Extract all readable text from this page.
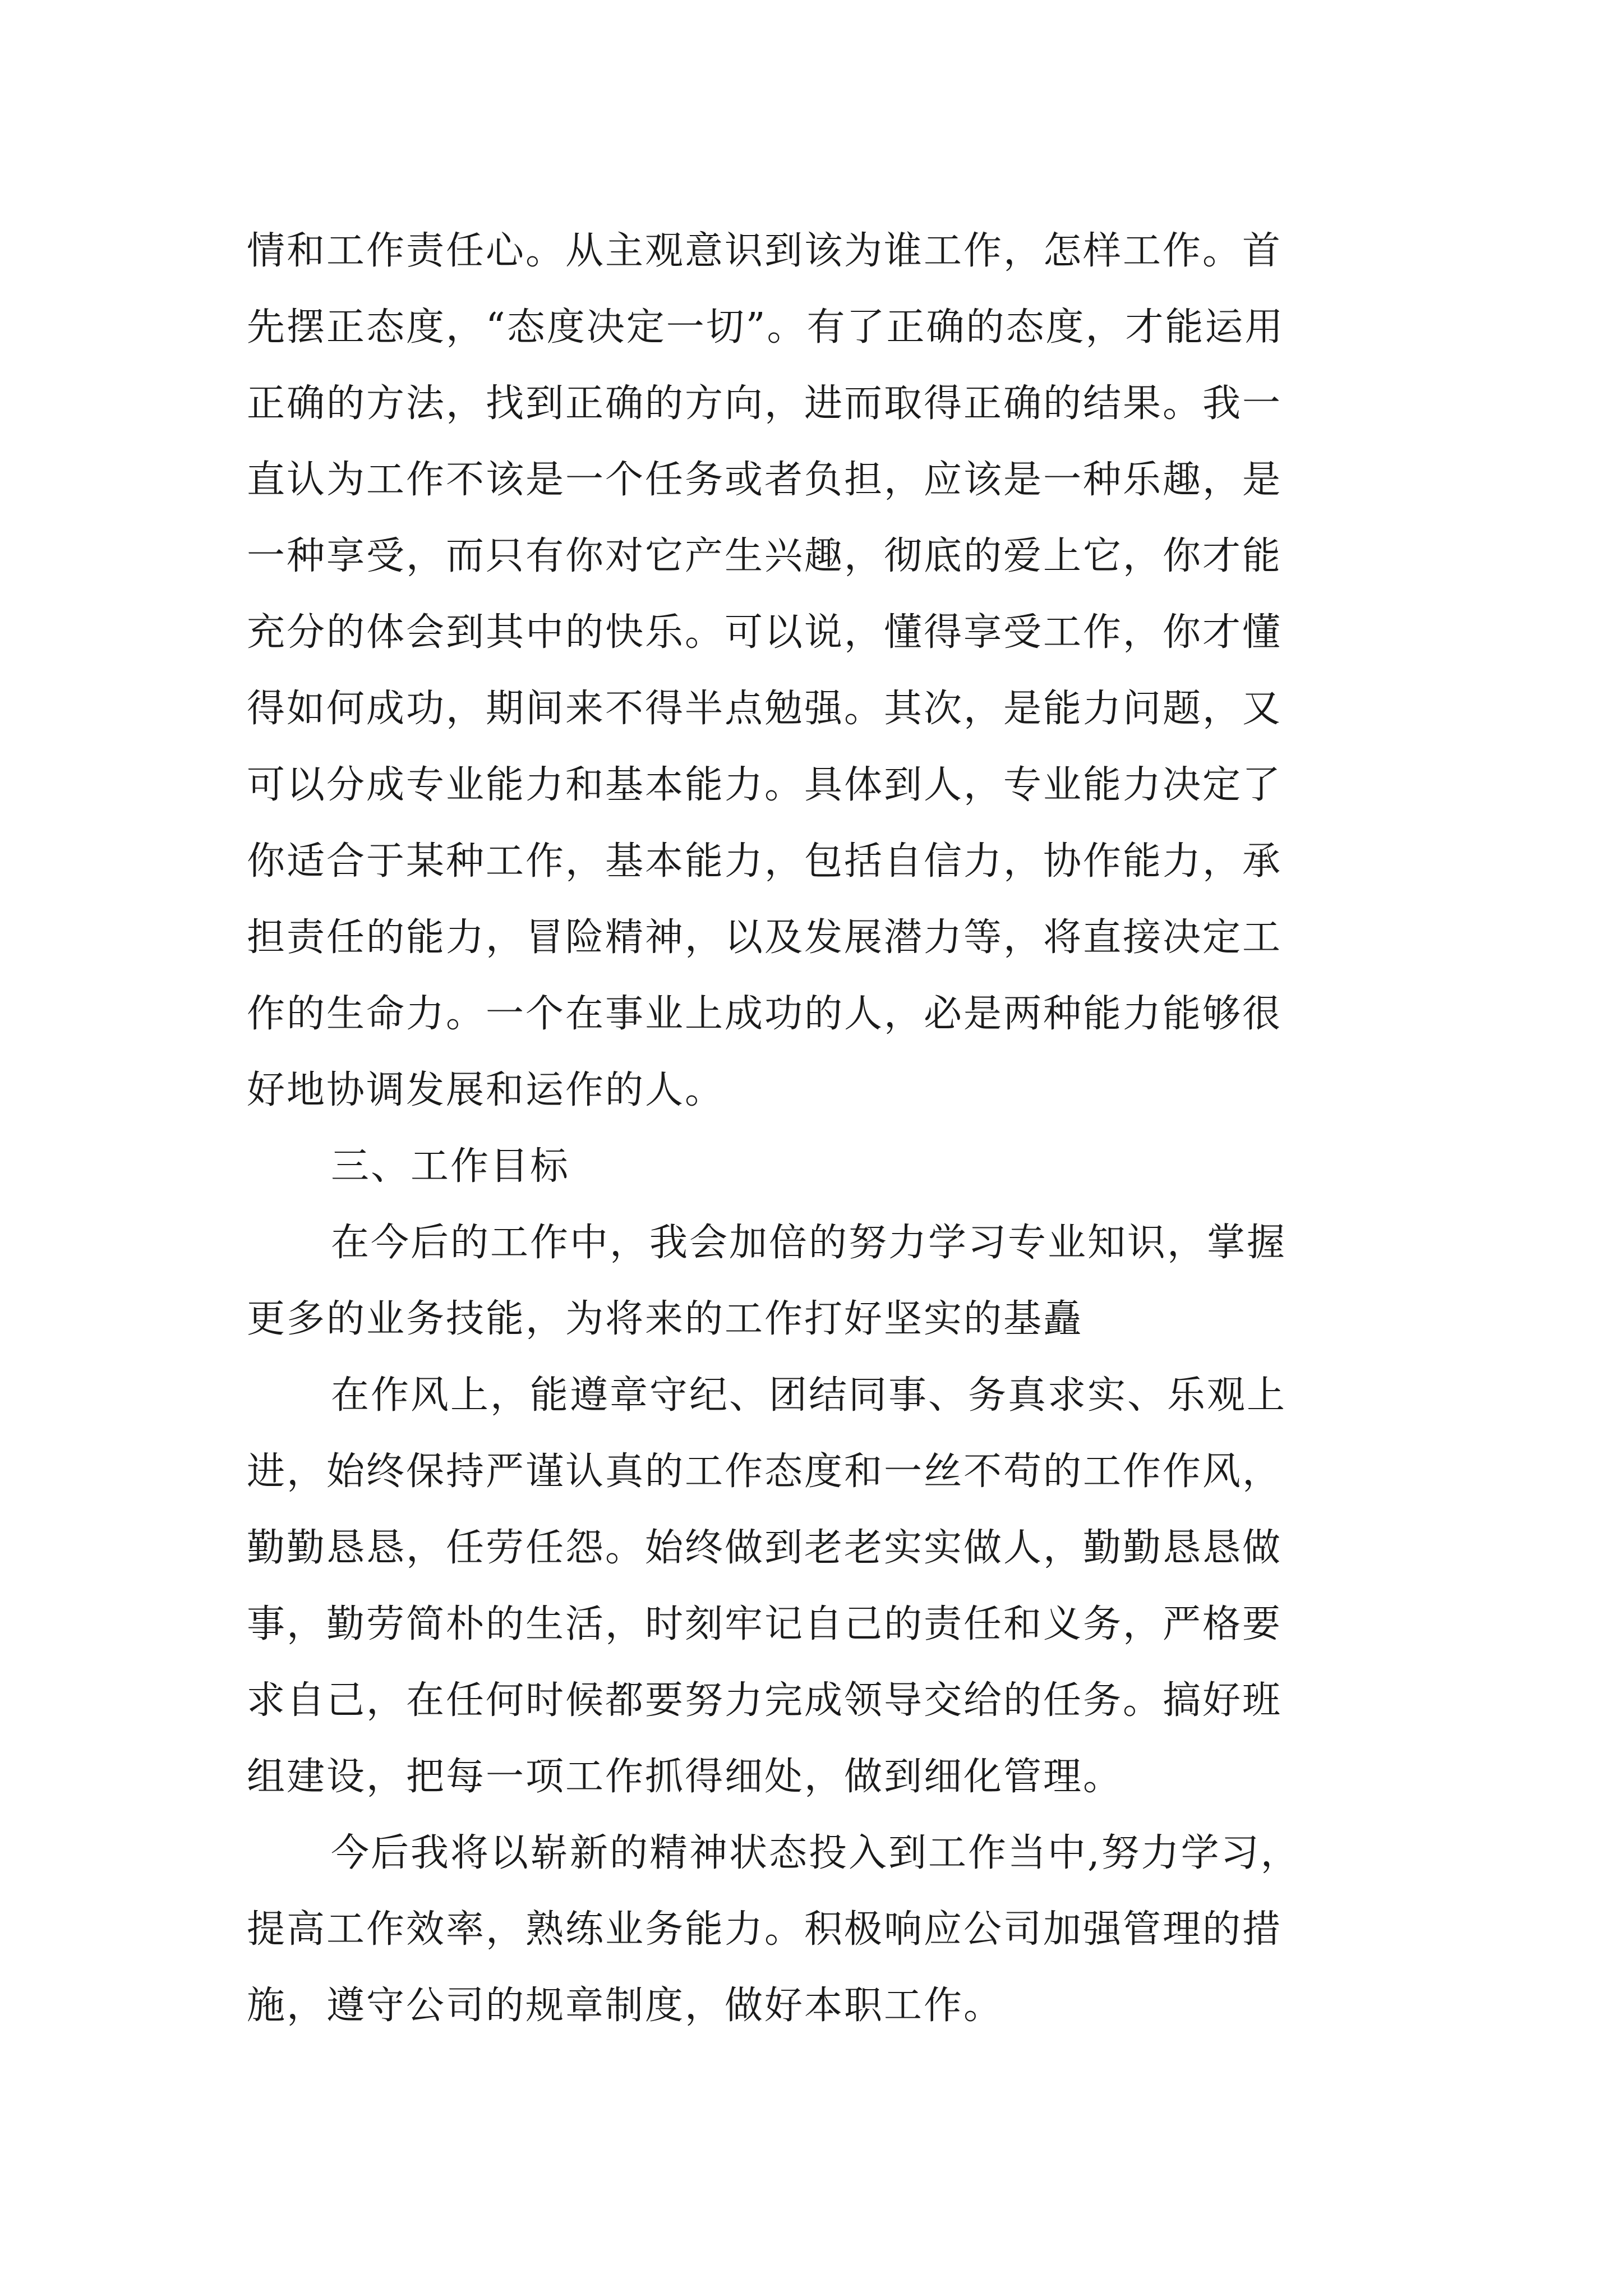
情和工作责任心。从主观意识到该为谁工作，怎样工作。首
先摆正态度，“态度决定一切”。有了正确的态度，才能运用
正确的方法，找到正确的方向，进而取得正确的结果。我一
直认为工作不该是一个任务或者负担，应该是一种乐趣，是
一种享受，而只有你对它产生兴趣，彻底的爱上它，你才能
充分的体会到其中的快乐。可以说，懂得享受工作，你才懂
得如何成功，期间来不得半点勉强。其次，是能力问题，又
可以分成专业能力和基本能力。具体到人，专业能力决定了
你适合于某种工作，基本能力，包括自信力，协作能力，承
担责任的能力，冒险精神，以及发展潜力等，将直接决定工
作的生命力。一个在事业上成功的人，必是两种能力能够很
好地协调发展和运作的人。
三、工作目标
在今后的工作中，我会加倍的努力学习专业知识，掌握
更多的业务技能，为将来的工作打好坚实的基矗
在作风上，能遵章守纪、团结同事、务真求实、乐观上
进，始终保持严谨认真的工作态度和一丝不苟的工作作风，
勤勤恳恳，任劳任怨。始终做到老老实实做人，勤勤恳恳做
事，勤劳简朴的生活，时刻牢记自己的责任和义务，严格要
求自己，在任何时候都要努力完成领导交给的任务。搞好班
组建设，把每一项工作抓得细处，做到细化管理。
今后我将以崭新的精神状态投入到工作当中,努力学习，
提高工作效率，熟练业务能力。积极响应公司加强管理的措
施，遵守公司的规章制度，做好本职工作。
